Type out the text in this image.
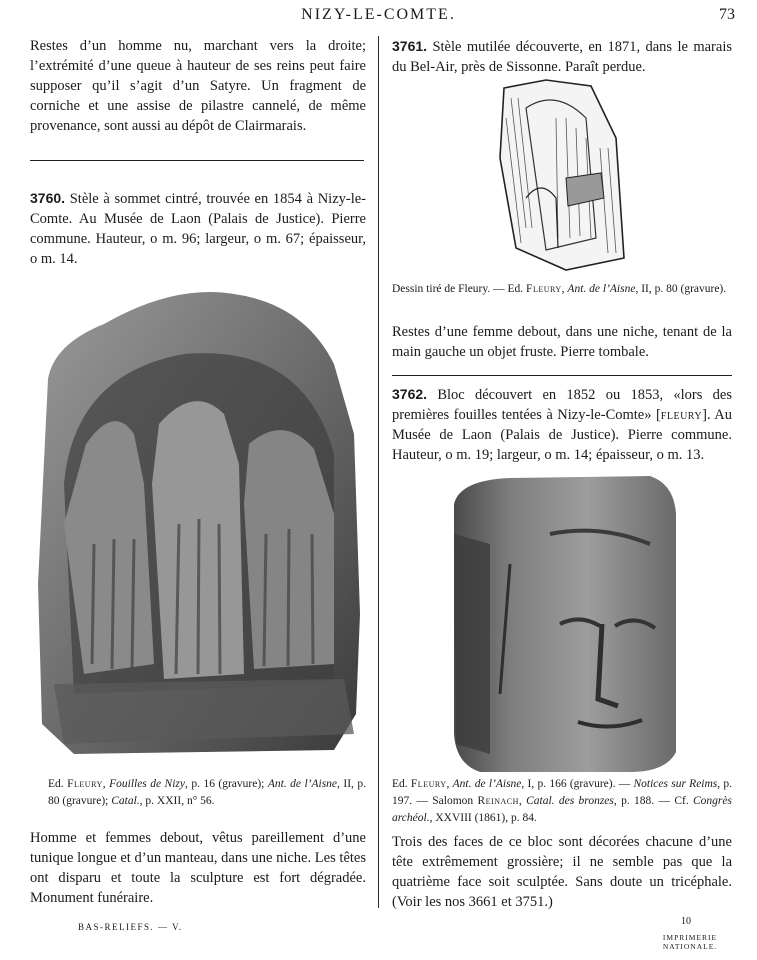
NIZY-LE-COMTE.	73

Restes d’un homme nu, marchant vers la droite; l’extrémité d’une queue à hauteur de ses reins peut faire supposer qu’il s’agit d’un Satyre. Un fragment de corniche et une assise de pilastre cannelé, de même provenance, sont aussi au dépôt de Clairmarais.

3760. Stèle à sommet cintré, trouvée en 1854 à Nizy-le-Comte. Au Musée de Laon (Palais de Justice). Pierre commune. Hauteur, o m. 96; largeur, o m. 67; épaisseur, o m. 14.

Ed. Fleury, Fouilles de Nizy, p. 16 (gravure); Ant. de l’Aisne, II, p. 80 (gravure); Catal., p. XXII, n° 56.

Homme et femmes debout, vêtus pareillement d’une tunique longue et d’un manteau, dans une niche. Les têtes ont disparu et toute la sculpture est fort dégradée. Monument funéraire.

3761. Stèle mutilée découverte, en 1871, dans le marais du Bel-Air, près de Sissonne. Paraît perdue.

Dessin tiré de Fleury. — Ed. Fleury, Ant. de l’Aisne, II, p. 80 (gravure).

Restes d’une femme debout, dans une niche, tenant de la main gauche un objet fruste. Pierre tombale.

3762. Bloc découvert en 1852 ou 1853, «lors des premières fouilles tentées à Nizy-le-Comte» [fleury]. Au Musée de Laon (Palais de Justice). Pierre commune. Hauteur, o m. 19; largeur, o m. 14; épaisseur, o m. 13.

Ed. Fleury, Ant. de l’Aisne, I, p. 166 (gravure). — Notices sur Reims, p. 197. — Salomon Reinach, Catal. des bronzes, p. 188. — Cf. Congrès archéol., XXVIII (1861), p. 84.

Trois des faces de ce bloc sont décorées chacune d’une tête extrêmement grossière; il ne semble pas que la quatrième face soit sculptée. Sans doute un tricéphale. (Voir les nos 3661 et 3751.)

BAS-RELIEFS. — V.	10
IMPRIMERIE NATIONALE.
